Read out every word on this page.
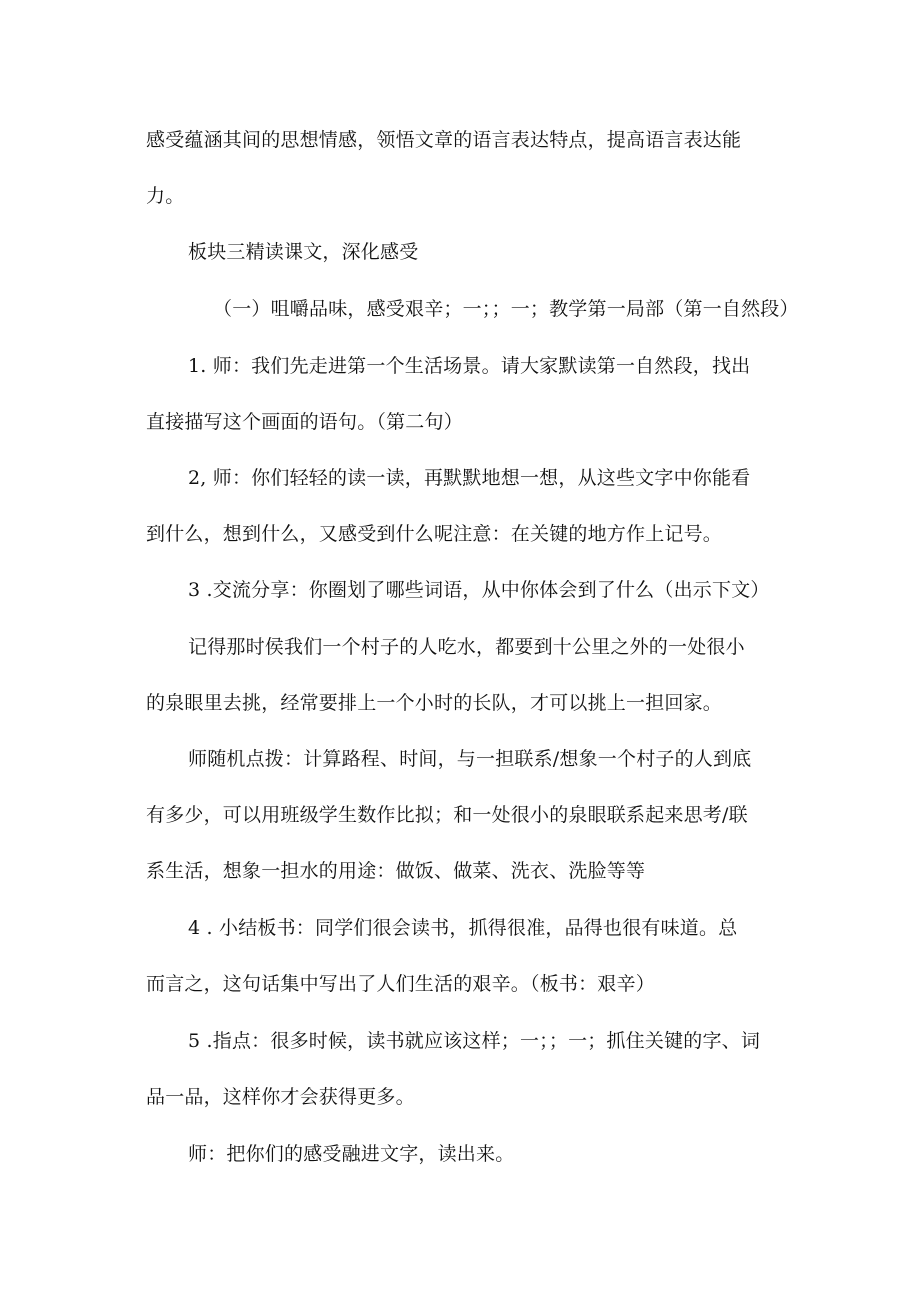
感受蕴涵其间的思想情感，领悟文章的语言表达特点，提高语言表达能
力。
板块三精读课文，深化感受
（一）咀嚼品味，感受艰辛；一；；一；教学第一局部（第一自然段）
1. 师：我们先走进第一个生活场景。请大家默读第一自然段，找出
直接描写这个画面的语句。（第二句）
2, 师：你们轻轻的读一读，再默默地想一想，从这些文字中你能看
到什么，想到什么，又感受到什么呢注意：在关键的地方作上记号。
3 .交流分享：你圈划了哪些词语，从中你体会到了什么（出示下文）
记得那时侯我们一个村子的人吃水，都要到十公里之外的一处很小
的泉眼里去挑，经常要排上一个小时的长队，才可以挑上一担回家。
师随机点拨：计算路程、时间，与一担联系/想象一个村子的人到底
有多少，可以用班级学生数作比拟；和一处很小的泉眼联系起来思考/联
系生活，想象一担水的用途：做饭、做菜、洗衣、洗脸等等
4 . 小结板书：同学们很会读书，抓得很准，品得也很有味道。总
而言之，这句话集中写出了人们生活的艰辛。（板书：艰辛）
5 .指点：很多时候，读书就应该这样；一；；一；抓住关键的字、词
品一品，这样你才会获得更多。
师：把你们的感受融进文字，读出来。
